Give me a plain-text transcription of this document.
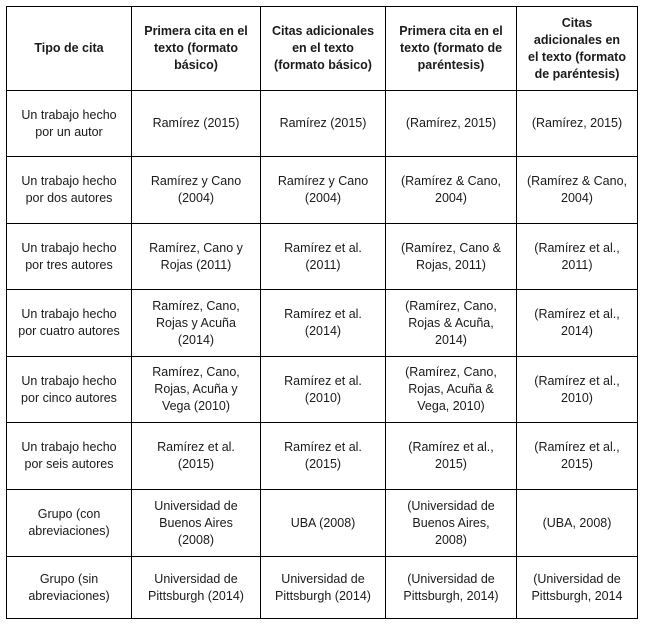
Tipo de cita	Primera cita en el texto (formato básico)	Citas adicionales en el texto (formato básico)	Primera cita en el texto (formato de paréntesis)	Citas adicionales en el texto (formato de paréntesis)
Un trabajo hecho por un autor	Ramírez (2015)	Ramírez (2015)	(Ramírez, 2015)	(Ramírez, 2015)
Un trabajo hecho por dos autores	Ramírez y Cano (2004)	Ramírez y Cano (2004)	(Ramírez & Cano, 2004)	(Ramírez & Cano, 2004)
Un trabajo hecho por tres autores	Ramírez, Cano y Rojas (2011)	Ramírez et al. (2011)	(Ramírez, Cano & Rojas, 2011)	(Ramírez et al., 2011)
Un trabajo hecho por cuatro autores	Ramírez, Cano, Rojas y Acuña (2014)	Ramírez et al. (2014)	(Ramírez, Cano, Rojas & Acuña, 2014)	(Ramírez et al., 2014)
Un trabajo hecho por cinco autores	Ramírez, Cano, Rojas, Acuña y Vega (2010)	Ramírez et al. (2010)	(Ramírez, Cano, Rojas, Acuña & Vega, 2010)	(Ramírez et al., 2010)
Un trabajo hecho por seis autores	Ramírez et al. (2015)	Ramírez et al. (2015)	(Ramírez et al., 2015)	(Ramírez et al., 2015)
Grupo (con abreviaciones)	Universidad de Buenos Aires (2008)	UBA (2008)	(Universidad de Buenos Aires, 2008)	(UBA, 2008)
Grupo (sin abreviaciones)	Universidad de Pittsburgh (2014)	Universidad de Pittsburgh (2014)	(Universidad de Pittsburgh, 2014)	(Universidad de Pittsburgh, 2014
